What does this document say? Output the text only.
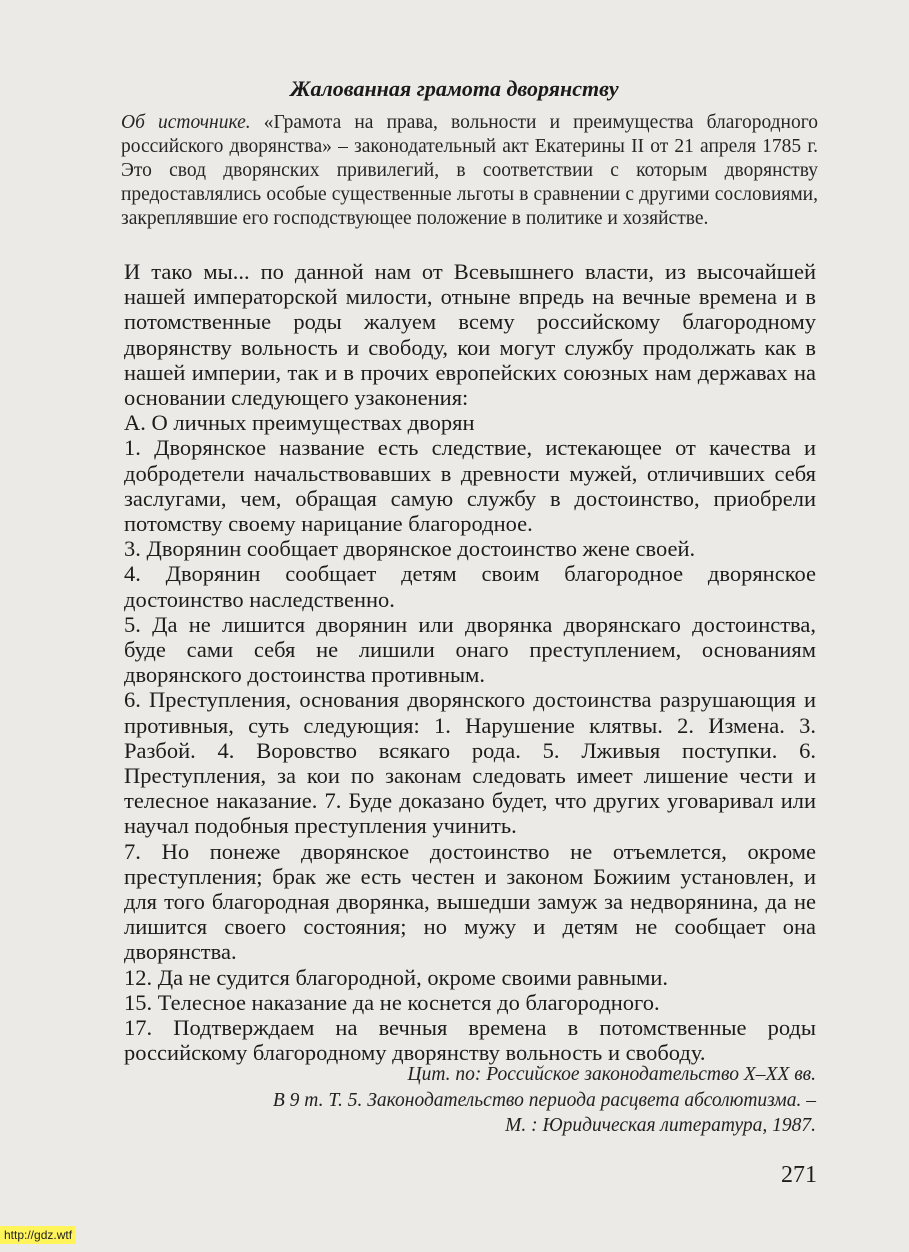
Жалованная грамота дворянству

Об источнике. «Грамота на права, вольности и преимущества благородного российского дворянства» – законодательный акт Екатерины II от 21 апреля 1785 г. Это свод дворянских привилегий, в соответствии с которым дворянству предоставлялись особые существенные льготы в сравнении с другими сословиями, закреплявшие его господствующее положение в политике и хозяйстве.

И тако мы... по данной нам от Всевышнего власти, из высочайшей нашей императорской милости, отныне впредь на вечные времена и в потомственные роды жалуем всему российскому благородному дворянству вольность и свободу, кои могут службу продолжать как в нашей империи, так и в прочих европейских союзных нам державах на основании следующего узаконения:

А. О личных преимуществах дворян

1. Дворянское название есть следствие, истекающее от качества и добродетели начальствовавших в древности мужей, отличивших себя заслугами, чем, обращая самую службу в достоинство, приобрели потомству своему нарицание благородное.

3. Дворянин сообщает дворянское достоинство жене своей.

4. Дворянин сообщает детям своим благородное дворянское достоинство наследственно.

5. Да не лишится дворянин или дворянка дворянскаго достоинства, буде сами себя не лишили онаго преступлением, основаниям дворянского достоинства противным.

6. Преступления, основания дворянского достоинства разрушающия и противныя, суть следующия: 1. Нарушение клятвы. 2. Измена. 3. Разбой. 4. Воровство всякаго рода. 5. Лживыя поступки. 6. Преступления, за кои по законам следовать имеет лишение чести и телесное наказание. 7. Буде доказано будет, что других уговаривал или научал подобныя преступления учинить.

7. Но понеже дворянское достоинство не отъемлется, окроме преступления; брак же есть честен и законом Божиим установлен, и для того благородная дворянка, вышедши замуж за недворянина, да не лишится своего состояния; но мужу и детям не сообщает она дворянства.

12. Да не судится благородной, окроме своими равными.

15. Телесное наказание да не коснется до благородного.

17. Подтверждаем на вечныя времена в потомственные роды российскому благородному дворянству вольность и свободу.

Цит. по: Российское законодательство X–XX вв.
В 9 т. Т. 5. Законодательство периода расцвета абсолютизма. –
М. : Юридическая литература, 1987.
271
http://gdz.wtf
